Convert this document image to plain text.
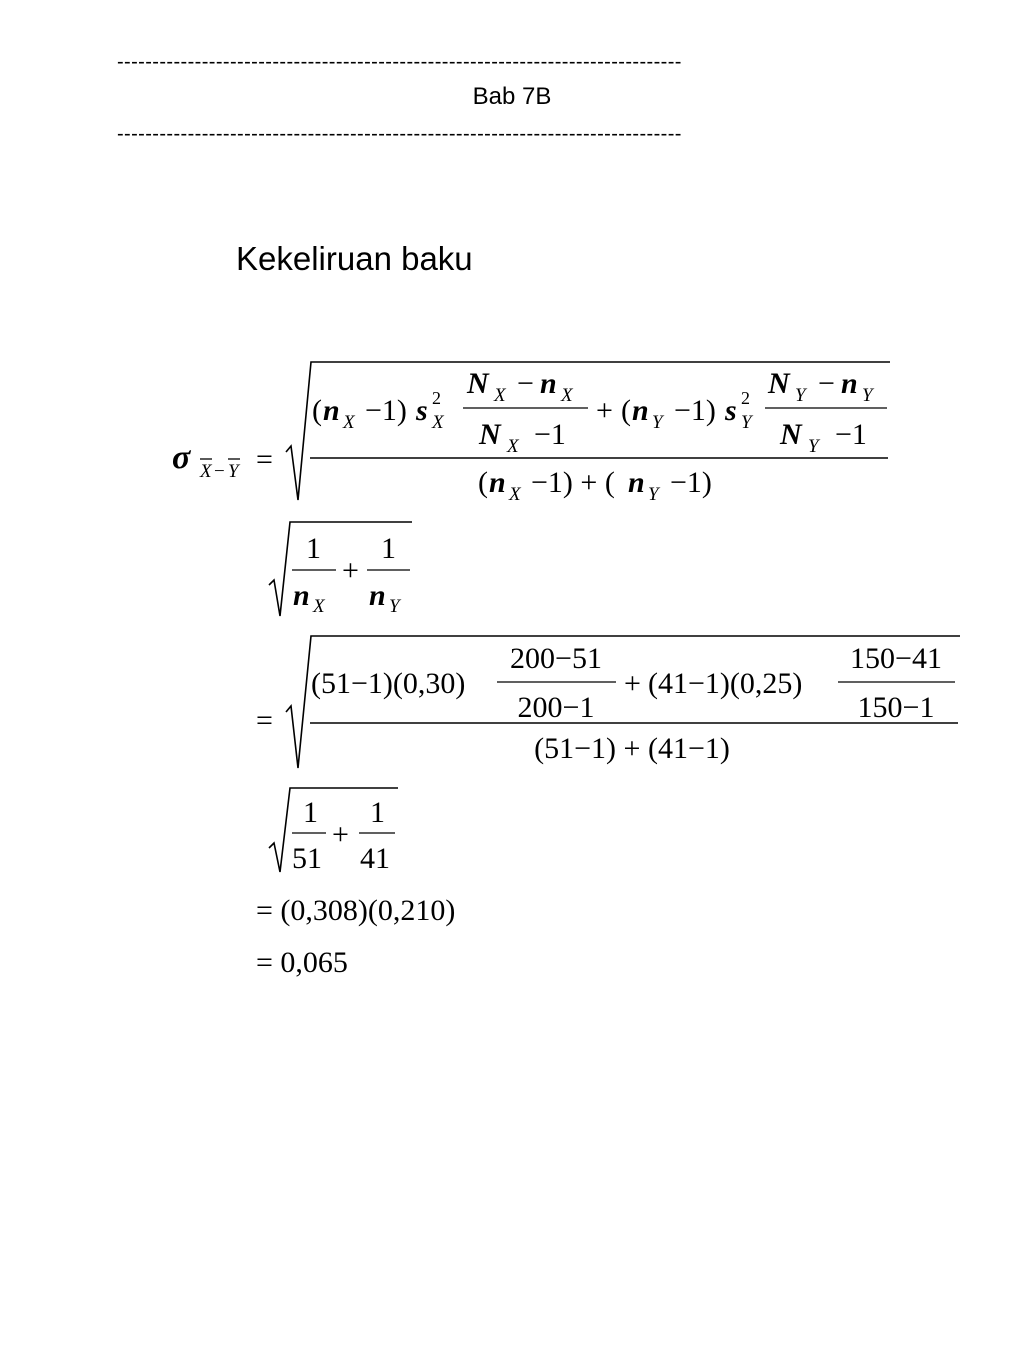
--------------------------------------------------------------------------------
Bab 7B
--------------------------------------------------------------------------------
Kekeliruan baku
σ X − Y =
( n X −1) s 2
X
N X − n X
N X −1
+ ( n Y −1) s 2
Y
N Y − n Y
N Y −1
( n X −1) + ( n Y −1)
1
n X
+
1
n Y
=
(51−1)(0,30)
200−51
200−1
+ (41−1)(0,25)
150−41
150−1
(51−1) + (41−1)
1
51
+
1
41
= (0,308)(0,210)
= 0,065
